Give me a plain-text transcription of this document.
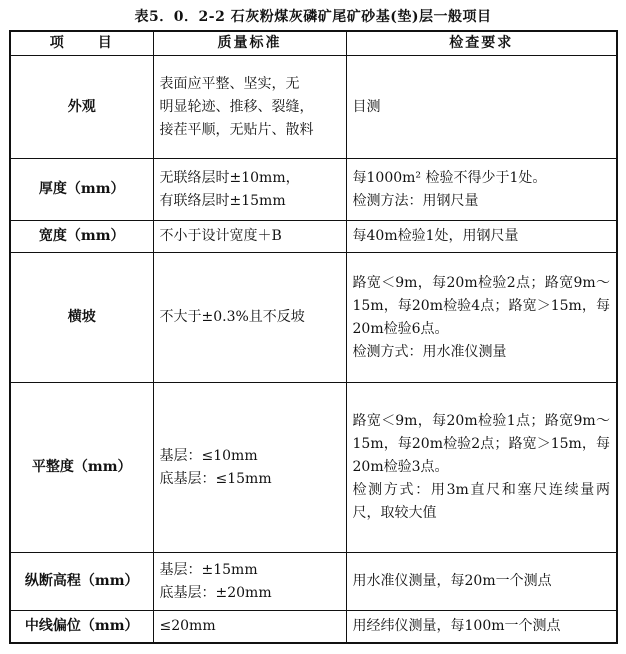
表5．0．2-2 石灰粉煤灰磷矿尾矿砂基(垫)层一般项目
项　　目	质量标准	检查要求
外观	表面应平整、坚实，无
明显轮迹、推移、裂缝，
接茬平顺，无贴片、散料	目测

厚度（mm）	无联络层时±10mm，
有联络层时±15mm	每1000m² 检验不得少于1处。
检测方法：用钢尺量

宽度（mm）	不小于设计宽度＋B	每40m检验1处，用钢尺量

横坡	不大于±0.3%且不反坡	路宽＜9m，每20m检验2点；路宽9m～15m，每20m检验4点；路宽＞15m，每20m检验6点。
检测方式：用水准仪测量

平整度（mm）	基层：≤10mm
底基层：≤15mm	路宽＜9m，每20m检验1点；路宽9m～15m，每20m检验2点；路宽＞15m，每20m检验3点。
检测方式：用3m直尺和塞尺连续量两尺，取较大值

纵断高程（mm）	基层：±15mm
底基层：±20mm	用水准仪测量，每20m一个测点

中线偏位（mm）	≤20mm	用经纬仪测量，每100m一个测点
